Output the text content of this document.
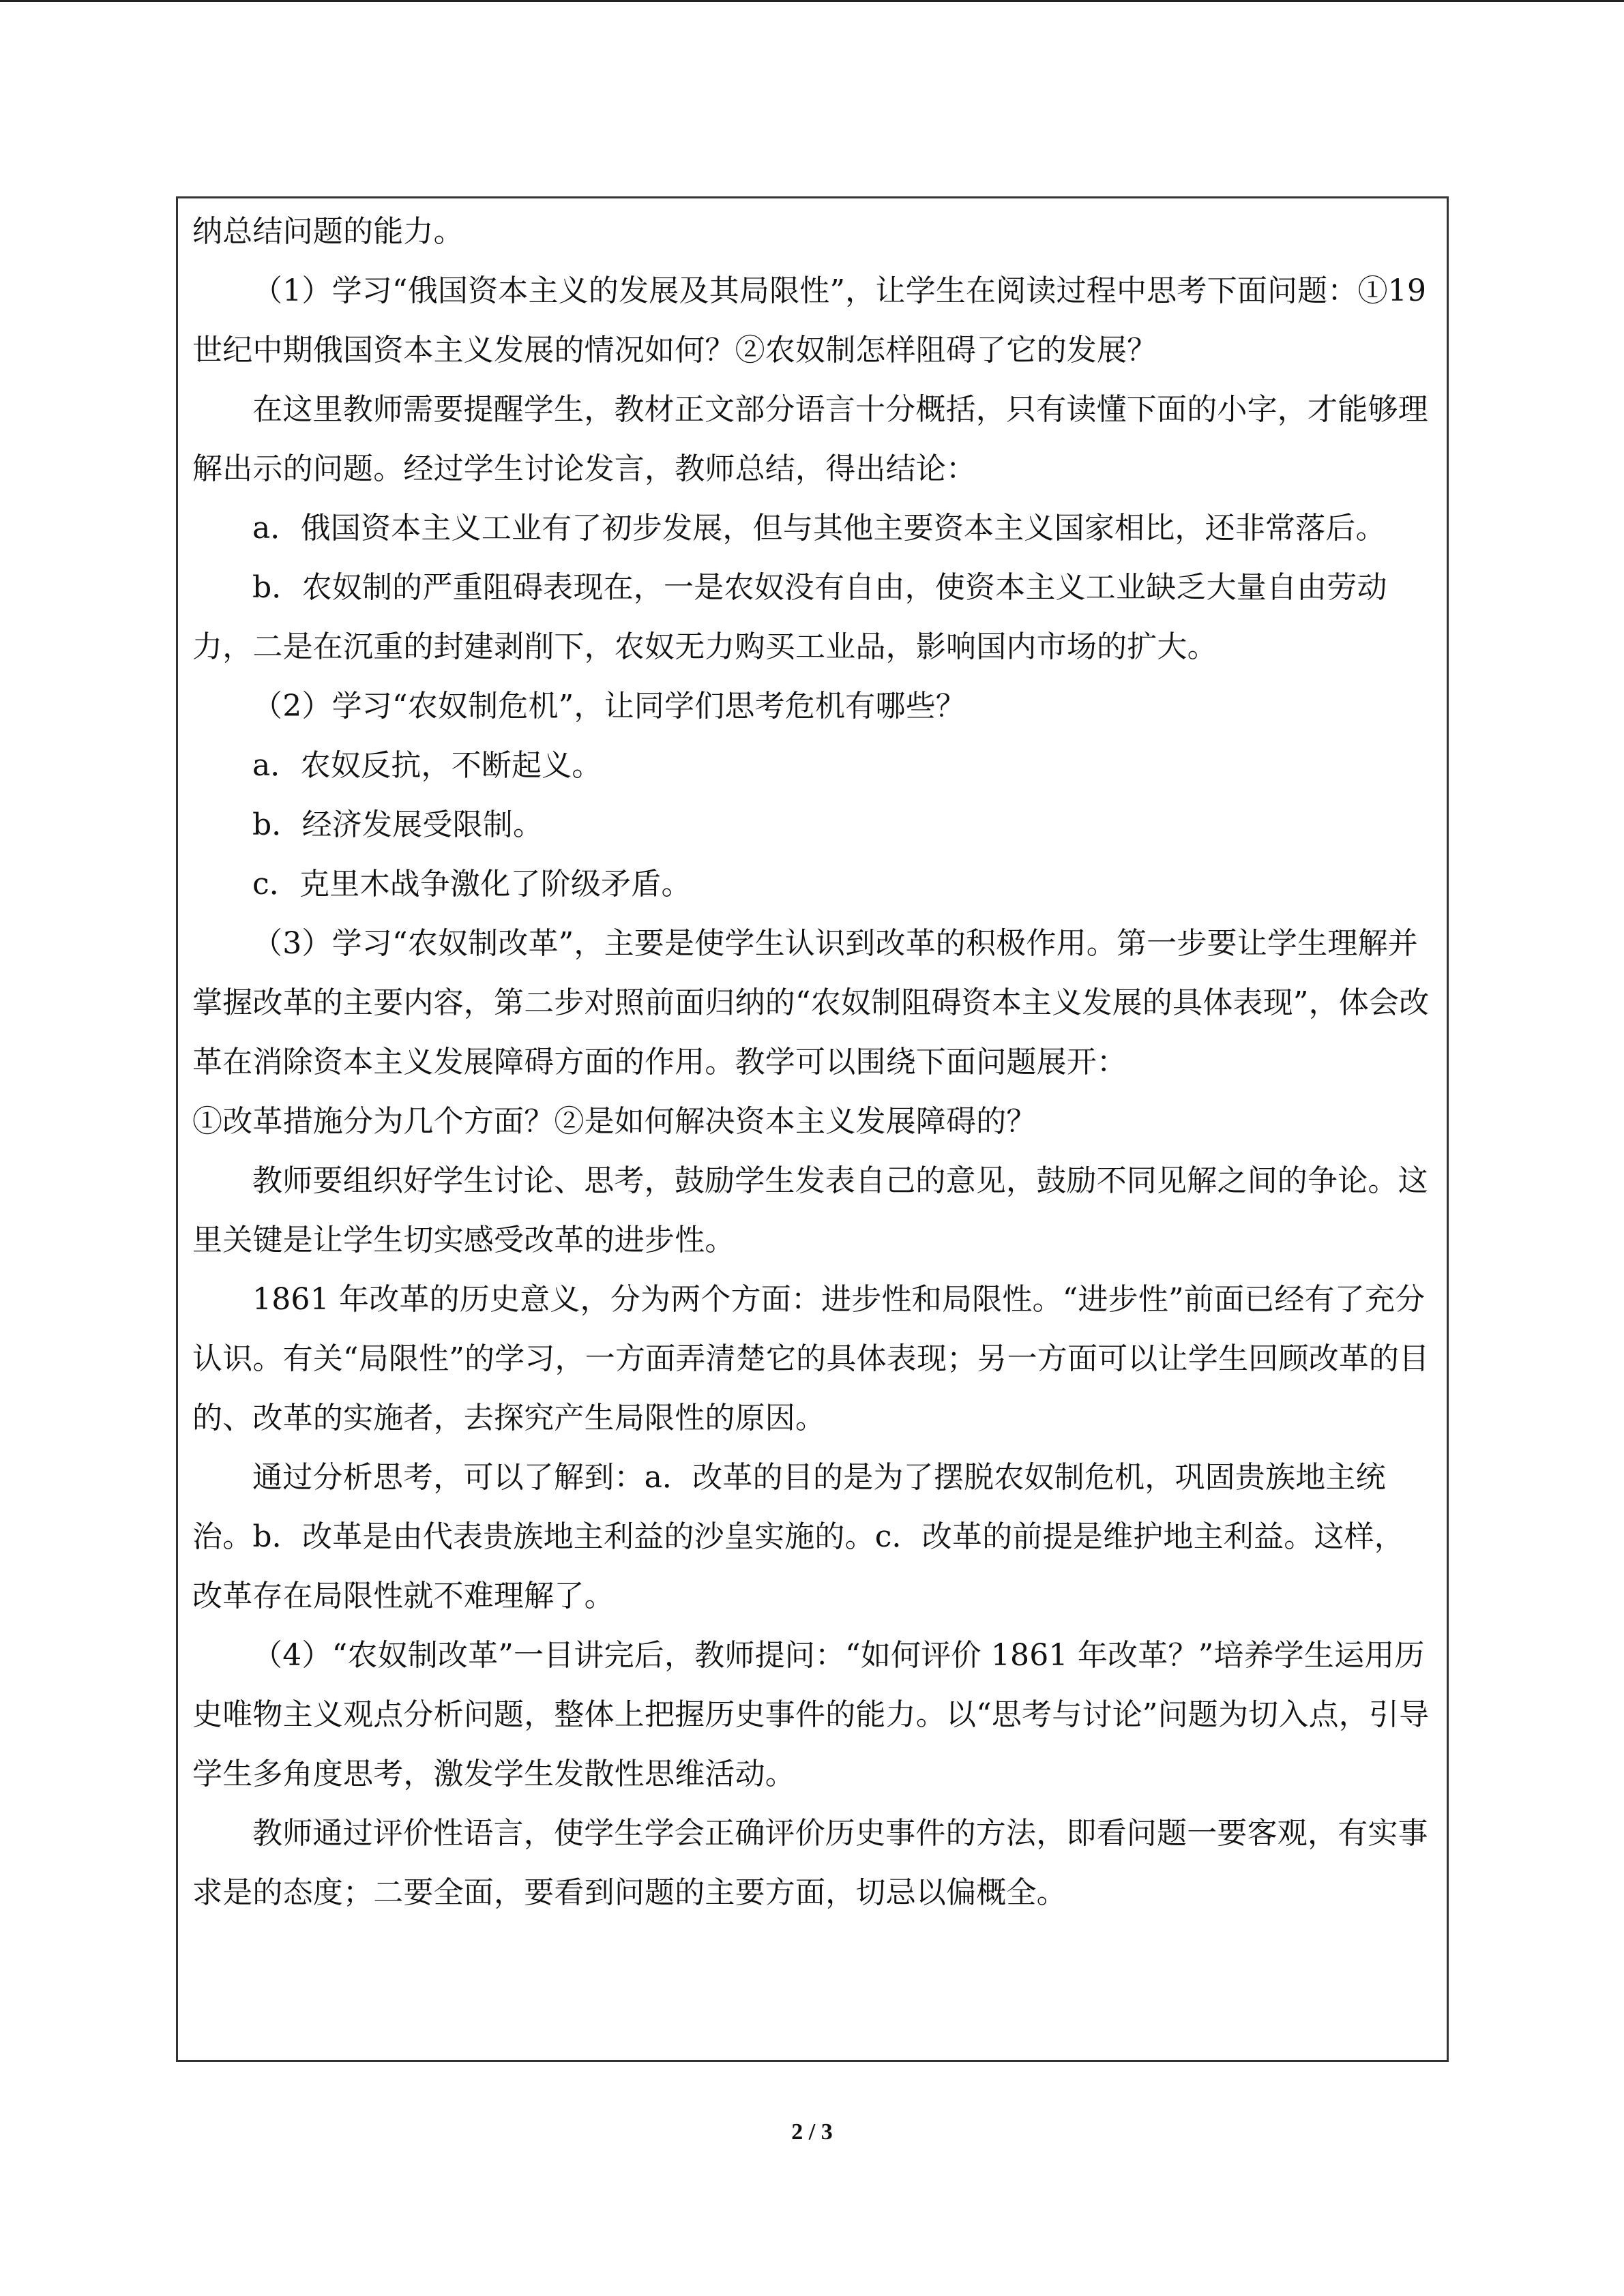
纳总结问题的能力。

（1）学习“俄国资本主义的发展及其局限性”，让学生在阅读过程中思考下面问题：①19 世纪中期俄国资本主义发展的情况如何？②农奴制怎样阻碍了它的发展？

在这里教师需要提醒学生，教材正文部分语言十分概括，只有读懂下面的小字，才能够理解出示的问题。经过学生讨论发言，教师总结，得出结论：

a．俄国资本主义工业有了初步发展，但与其他主要资本主义国家相比，还非常落后。

b．农奴制的严重阻碍表现在，一是农奴没有自由，使资本主义工业缺乏大量自由劳动力，二是在沉重的封建剥削下，农奴无力购买工业品，影响国内市场的扩大。

（2）学习“农奴制危机”，让同学们思考危机有哪些？

a．农奴反抗，不断起义。

b．经济发展受限制。

c．克里木战争激化了阶级矛盾。

（3）学习“农奴制改革”，主要是使学生认识到改革的积极作用。第一步要让学生理解并掌握改革的主要内容，第二步对照前面归纳的“农奴制阻碍资本主义发展的具体表现”，体会改革在消除资本主义发展障碍方面的作用。教学可以围绕下面问题展开：

①改革措施分为几个方面？②是如何解决资本主义发展障碍的？

教师要组织好学生讨论、思考，鼓励学生发表自己的意见，鼓励不同见解之间的争论。这里关键是让学生切实感受改革的进步性。

1861 年改革的历史意义，分为两个方面：进步性和局限性。“进步性”前面已经有了充分认识。有关“局限性”的学习，一方面弄清楚它的具体表现；另一方面可以让学生回顾改革的目的、改革的实施者，去探究产生局限性的原因。

通过分析思考，可以了解到：a．改革的目的是为了摆脱农奴制危机，巩固贵族地主统治。b．改革是由代表贵族地主利益的沙皇实施的。c．改革的前提是维护地主利益。这样，改革存在局限性就不难理解了。

（4）“农奴制改革”一目讲完后，教师提问：“如何评价 1861 年改革？”培养学生运用历史唯物主义观点分析问题，整体上把握历史事件的能力。以“思考与讨论”问题为切入点，引导学生多角度思考，激发学生发散性思维活动。

教师通过评价性语言，使学生学会正确评价历史事件的方法，即看问题一要客观，有实事求是的态度；二要全面，要看到问题的主要方面，切忌以偏概全。

2 / 3
